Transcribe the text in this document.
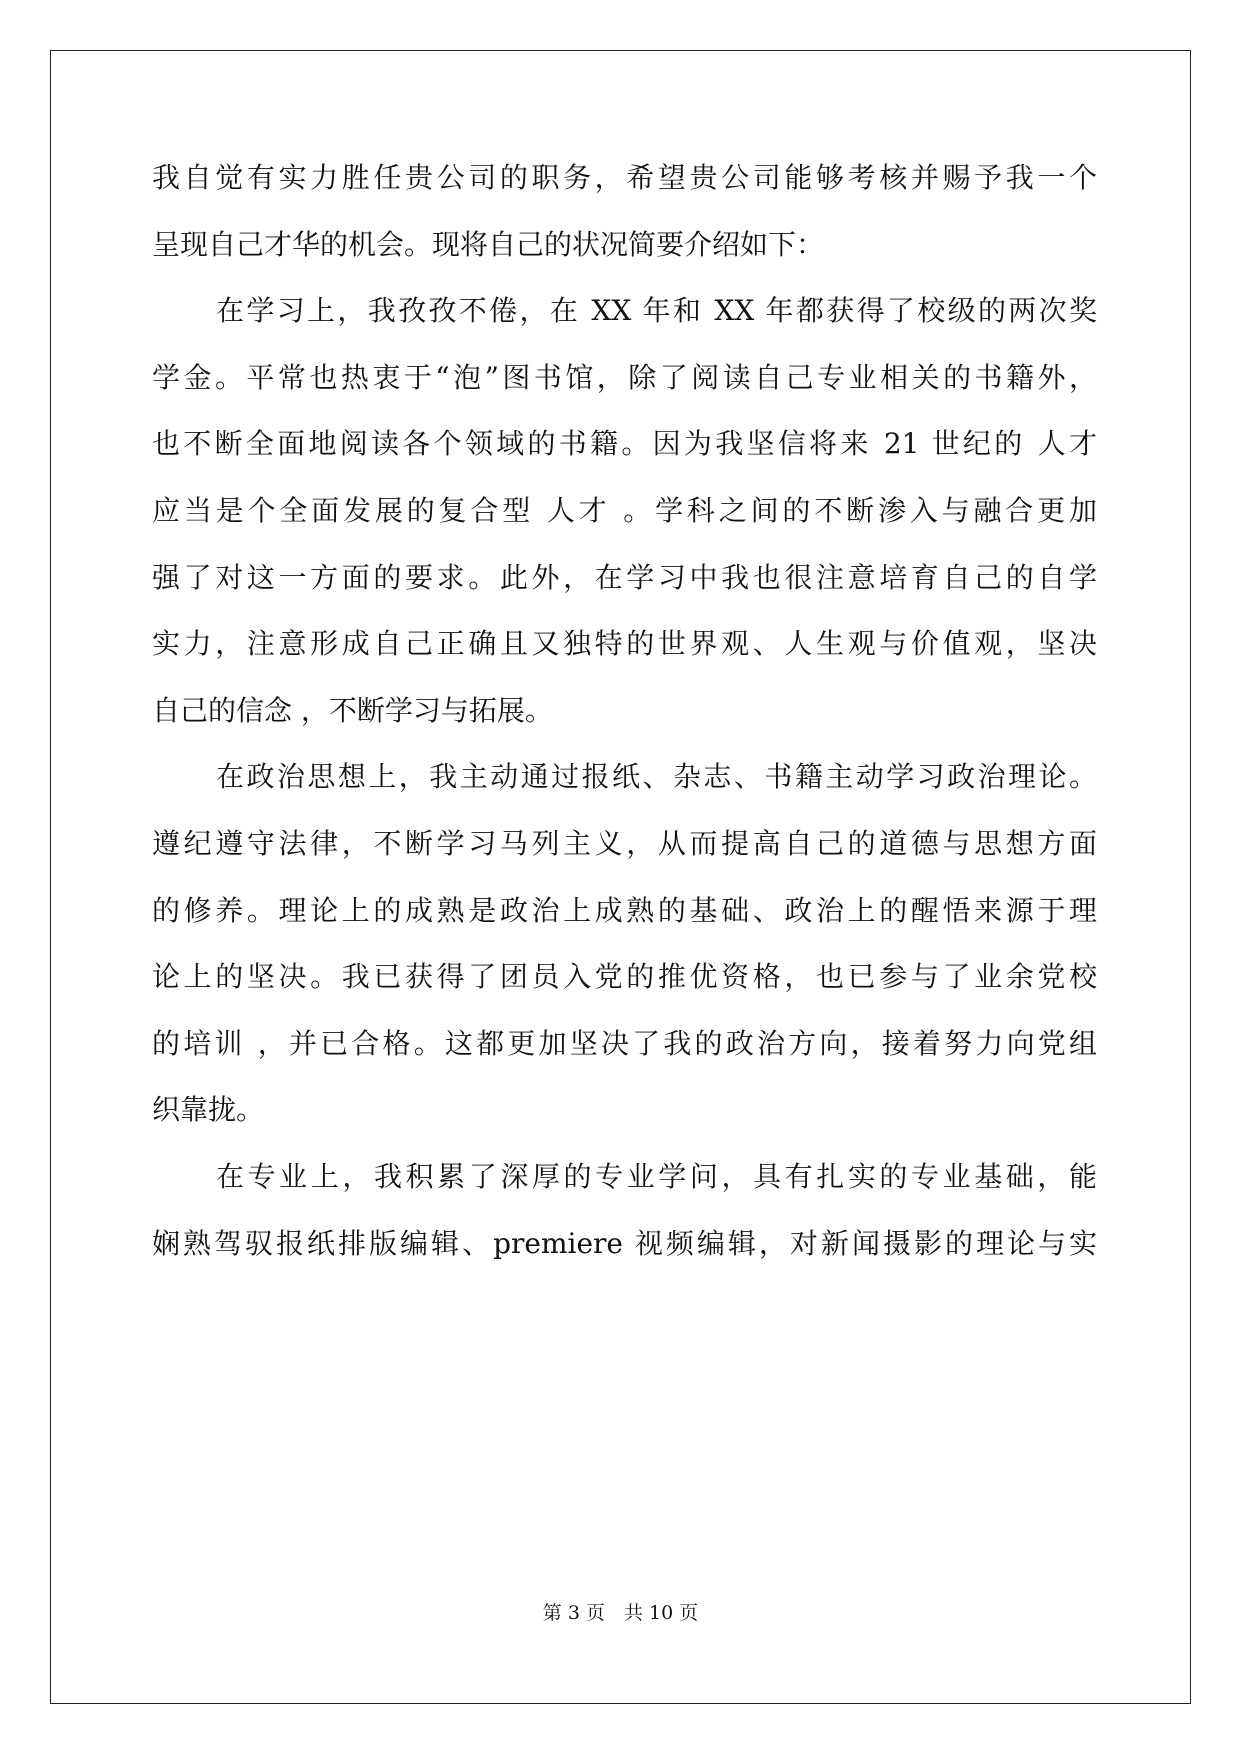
我自觉有实力胜任贵公司的职务，希望贵公司能够考核并赐予我一个
呈现自己才华的机会。现将自己的状况简要介绍如下：
在学习上，我孜孜不倦，在 XX 年和 XX 年都获得了校级的两次奖
学金。平常也热衷于“泡”图书馆，除了阅读自己专业相关的书籍外，
也不断全面地阅读各个领域的书籍。因为我坚信将来 21 世纪的 人才
应当是个全面发展的复合型 人才 。学科之间的不断渗入与融合更加
强了对这一方面的要求。此外，在学习中我也很注意培育自己的自学
实力，注意形成自己正确且又独特的世界观、人生观与价值观，坚决
自己的信念 ，不断学习与拓展。
在政治思想上，我主动通过报纸、杂志、书籍主动学习政治理论。
遵纪遵守法律，不断学习马列主义，从而提高自己的道德与思想方面
的修养。理论上的成熟是政治上成熟的基础、政治上的醒悟来源于理
论上的坚决。我已获得了团员入党的推优资格，也已参与了业余党校
的培训 ，并已合格。这都更加坚决了我的政治方向，接着努力向党组
织靠拢。
在专业上，我积累了深厚的专业学问，具有扎实的专业基础，能
娴熟驾驭报纸排版编辑、premiere 视频编辑，对新闻摄影的理论与实
第 3 页　共 10 页
